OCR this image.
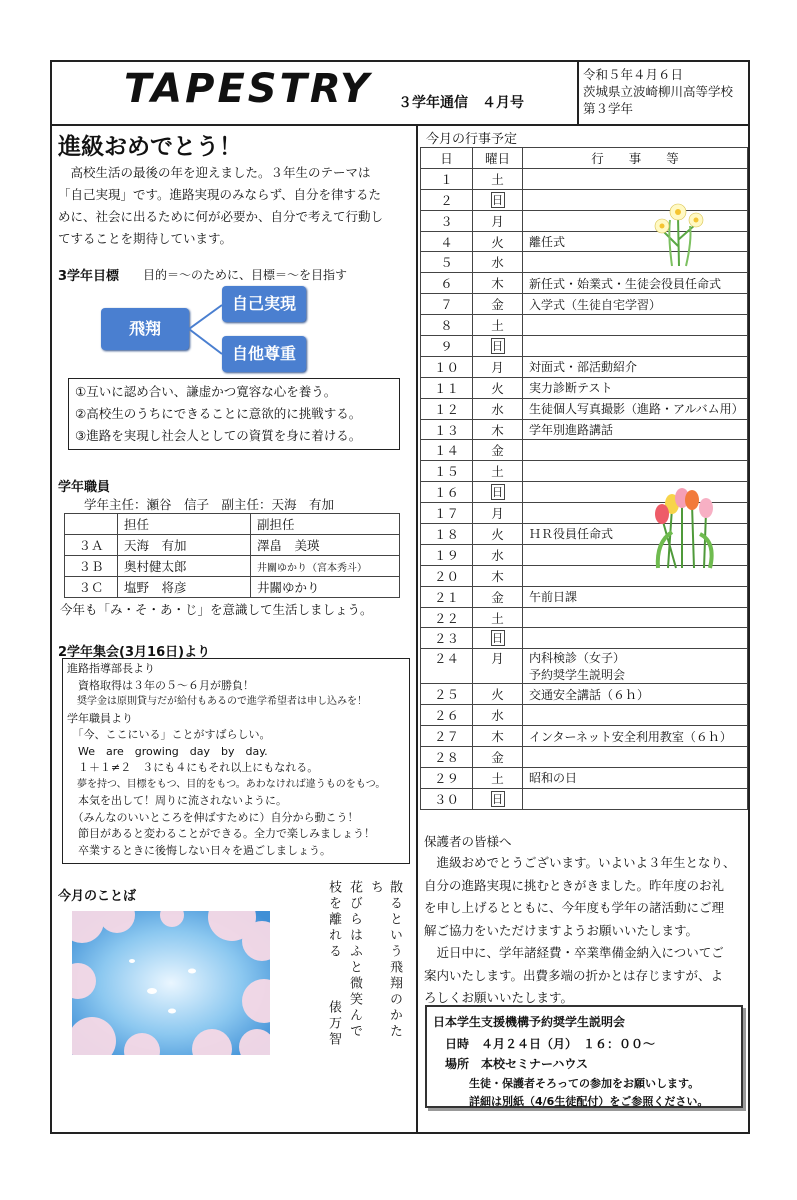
TAPESTRY ３学年通信　４月号
令和５年４月６日
茨城県立波崎柳川高等学校
第３学年
進級おめでとう！
　高校生活の最後の年を迎えました。３年生のテーマは
「自己実現」です。進路実現のみならず、自分を律するた
めに、社会に出るために何が必要か、自分で考えて行動し
てすることを期待しています。
3学年目標 目的＝～のために、目標＝～を目指す
飛翔
自己実現
自他尊重
①互いに認め合い、謙虚かつ寛容な心を養う。
②高校生のうちにできることに意欲的に挑戦する。
③進路を実現し社会人としての資質を身に着ける。
学年職員
学年主任：瀬谷　信子　副主任：天海　有加
	担任	副担任
３Ａ	天海　有加	澤畠　美瑛
３Ｂ	奥村健太郎	井關ゆかり（宮本秀斗）
３Ｃ	塩野　将彦	井關ゆかり
今年も「み・そ・あ・じ」を意識して生活しましょう。
2学年集会(3月16日)より
進路指導部長より
　資格取得は３年の５～６月が勝負！
　奨学金は原則貸与だが給付もあるので進学希望者は申し込みを！
学年職員より
　「今、ここにいる」ことがすばらしい。
　We　are　growing　day　by　day.
　１＋１≠２　３にも４にもそれ以上にもなれる。
　夢を持つ、目標をもつ、目的をもつ。あわなければ違うものをもつ。
　本気を出して！周りに流されないように。
　（みんなのいいところを伸ばすために）自分から動こう！
　節目があると変わることができる。全力で楽しみましょう！
　卒業するときに後悔しない日々を過ごしましょう。
今月のことば	散るという飛翔のかたち
花びらはふと微笑んで
枝を離れる
俵万智
今月の行事予定
日	曜日	行　　事　　等
１	土	

２	日	

３	月	

４	火	離任式

５	水	

６	木	新任式・始業式・生徒会役員任命式

７	金	入学式（生徒自宅学習）

８	土	

９	日	

１０	月	対面式・部活動紹介

１１	火	実力診断テスト

１２	水	生徒個人写真撮影（進路・アルバム用）

１３	木	学年別進路講話

１４	金	

１５	土	

１６	日	

１７	月	

１８	火	ＨＲ役員任命式

１９	水	

２０	木	

２１	金	午前日課

２２	土	

２３	日	

２４	月	内科検診（女子）
予約奨学生説明会

２５	火	交通安全講話（６ｈ）

２６	水	

２７	木	インターネット安全利用教室（６ｈ）

２８	金	

２９	土	昭和の日

３０	日	
保護者の皆様へ
　進級おめでとうございます。いよいよ３年生となり、
自分の進路実現に挑むときがきました。昨年度のお礼
を申し上げるとともに、今年度も学年の諸活動にご理
解ご協力をいただけますようお願いいたします。
　近日中に、学年諸経費・卒業準備金納入についてご
案内いたします。出費多端の折かとは存じますが、よ
ろしくお願いいたします。
日本学生支援機構予約奨学生説明会
日時　４月２４日（月）　１６：００～
場所　本校セミナーハウス
生徒・保護者そろっての参加をお願いします。
詳細は別紙（4/6生徒配付）をご参照ください。
